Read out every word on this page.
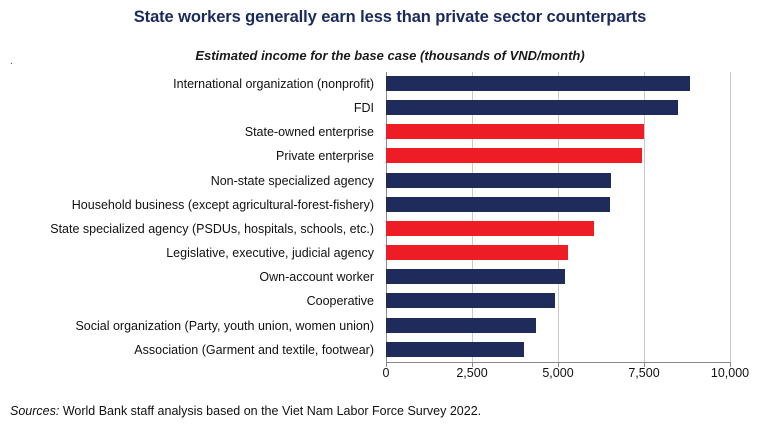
.
State workers generally earn less than private sector counterparts
Estimated income for the base case (thousands of VND/month)
International organization (nonprofit)
FDI
State-owned enterprise
Private enterprise
Non-state specialized agency
Household business (except agricultural-forest-fishery)
State specialized agency (PSDUs, hospitals, schools, etc.)
Legislative, executive, judicial agency
Own-account worker
Cooperative
Social organization (Party, youth union, women union)
Association (Garment and textile, footwear)
0	2,500	5,000	7,500	10,000
Sources: World Bank staff analysis based on the Viet Nam Labor Force Survey 2022.
